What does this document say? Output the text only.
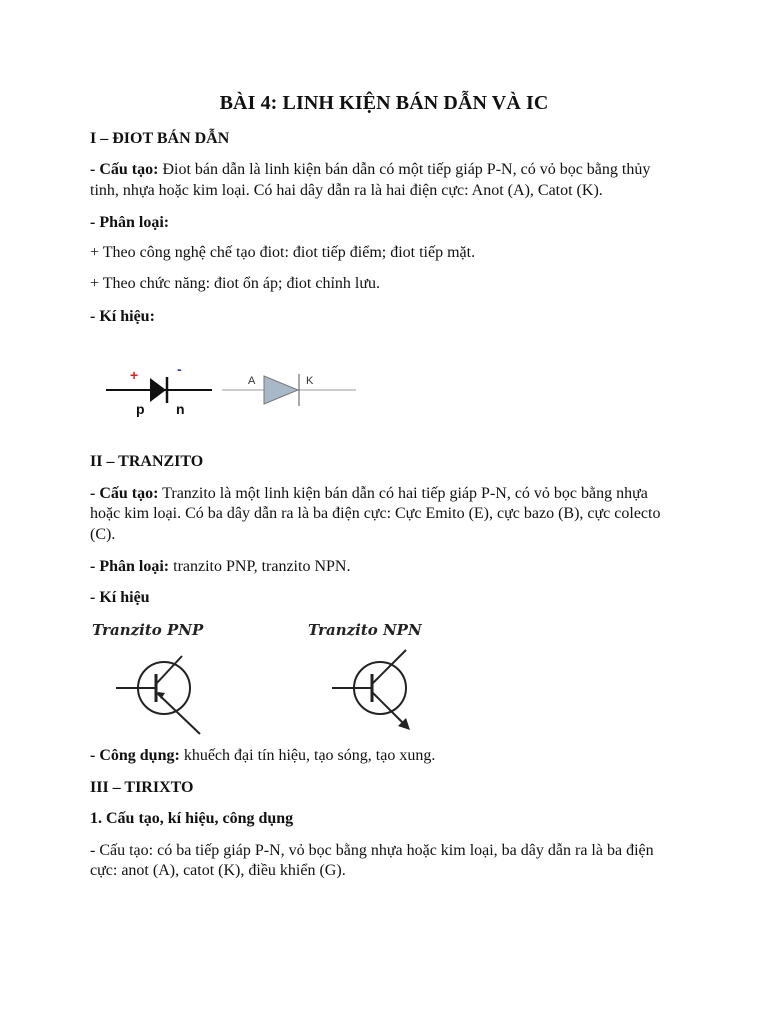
BÀI 4: LINH KIỆN BÁN DẪN VÀ IC
I – ĐIOT BÁN DẪN
- Cấu tạo: Điot bán dẫn là linh kiện bán dẫn có một tiếp giáp P-N, có vỏ bọc bằng thủy
tinh, nhựa hoặc kim loại. Có hai dây dẫn ra là hai điện cực: Anot (A), Catot (K).
- Phân loại:
+ Theo công nghệ chế tạo điot: điot tiếp điểm; điot tiếp mặt.
+ Theo chức năng: điot ổn áp; điot chỉnh lưu.
- Kí hiệu:
+	-
p n
A	K
II – TRANZITO
- Cấu tạo: Tranzito là một linh kiện bán dẫn có hai tiếp giáp P-N, có vỏ bọc bằng nhựa
hoặc kim loại. Có ba dây dẫn ra là ba điện cực: Cực Emito (E), cực bazo (B), cực colecto
(C).
- Phân loại: tranzito PNP, tranzito NPN.
- Kí hiệu
Tranzito PNP	Tranzito NPN
- Công dụng: khuếch đại tín hiệu, tạo sóng, tạo xung.
III – TIRIXTO
1. Cấu tạo, kí hiệu, công dụng
- Cấu tạo: có ba tiếp giáp P-N, vỏ bọc bằng nhựa hoặc kim loại, ba dây dẫn ra là ba điện
cực: anot (A), catot (K), điều khiển (G).
